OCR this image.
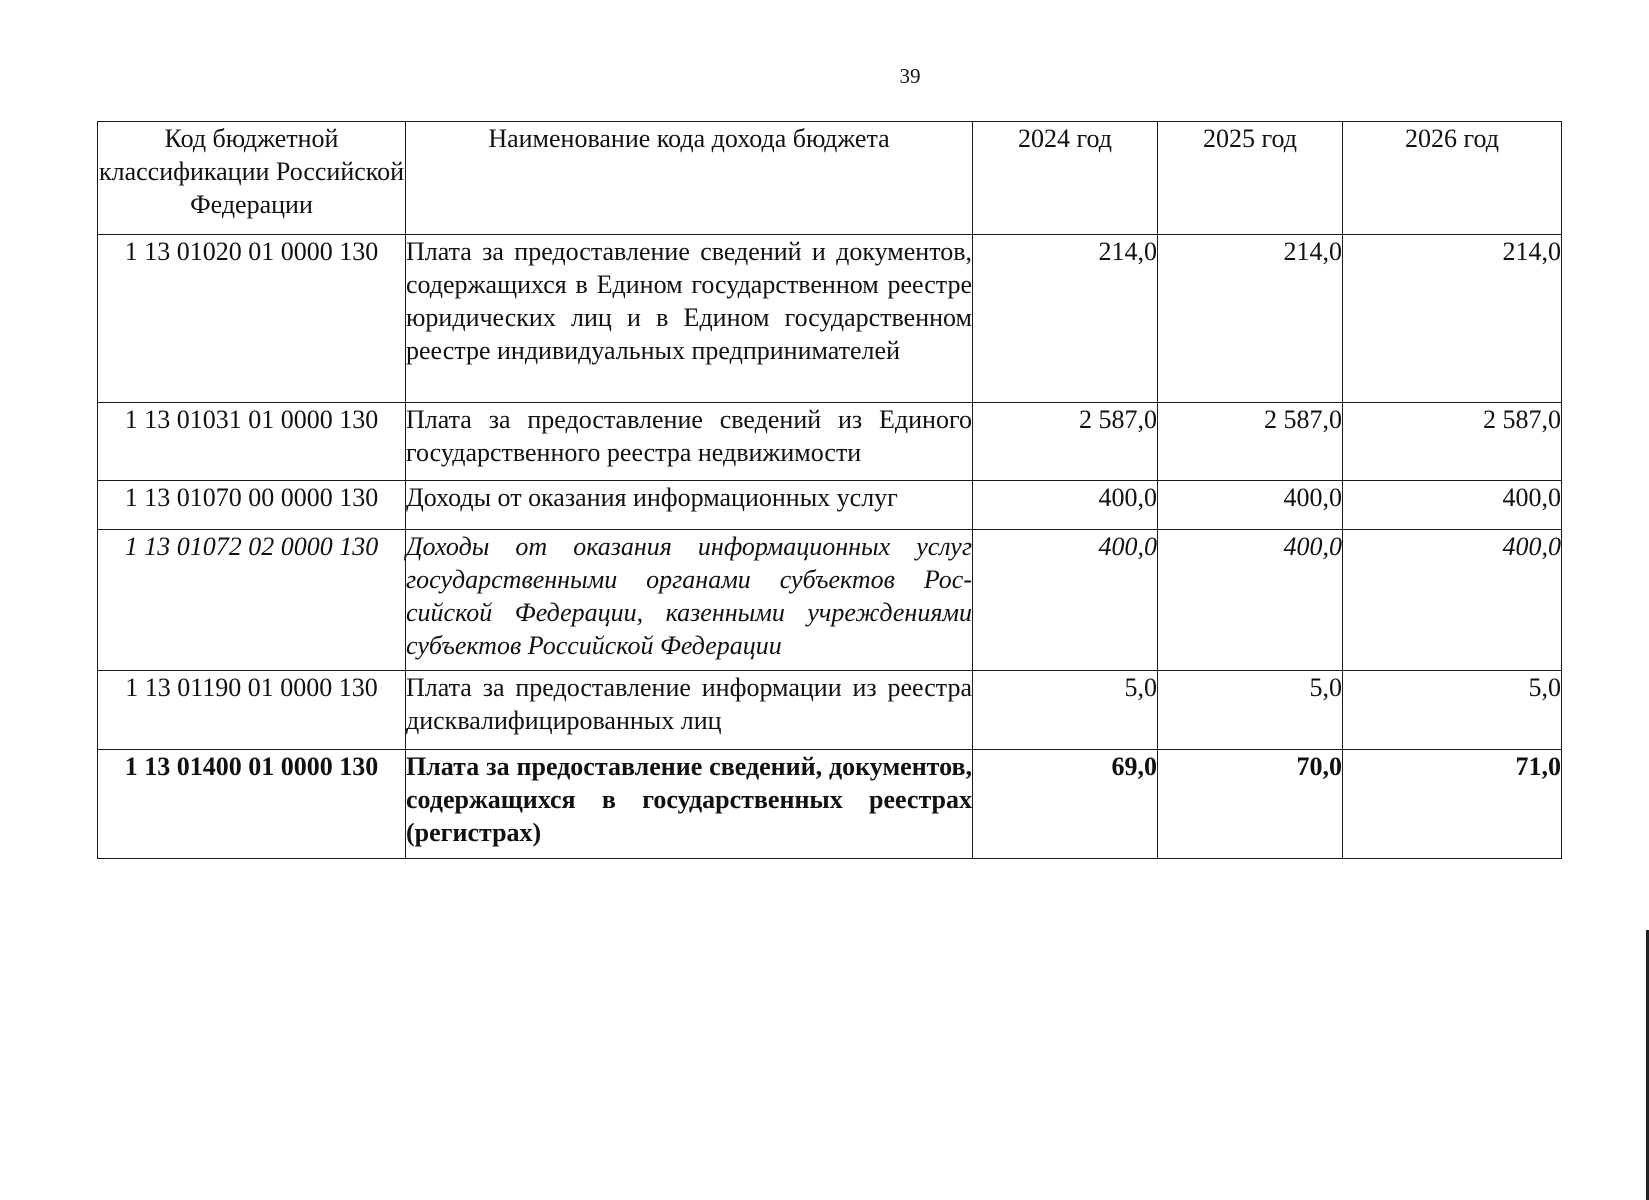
39
Код бюджетной классификации Российской Федерации	Наименование кода дохода бюджета	2024 год	2025 год	2026 год
1 13 01020 01 0000 130	Плата за предоставление сведений и документов, содержащихся в Едином государственном реестре юридических лиц и в Едином государственном реестре индивидуальных предпринимателей	214,0	214,0	214,0
1 13 01031 01 0000 130	Плата за предоставление сведений из Единого государственного реестра недвижимости	2 587,0	2 587,0	2 587,0
1 13 01070 00 0000 130	Доходы от оказания информационных услуг	400,0	400,0	400,0
1 13 01072 02 0000 130	Доходы от оказания информационных услуг государственными органами субъектов Российской Федерации, казенными учреждениями субъектов Российской Федерации	400,0	400,0	400,0
1 13 01190 01 0000 130	Плата за предоставление информации из реестра дисквалифицированных лиц	5,0	5,0	5,0
1 13 01400 01 0000 130	Плата за предоставление сведений, документов, содержащихся в государственных реестрах (регистрах)	69,0	70,0	71,0
